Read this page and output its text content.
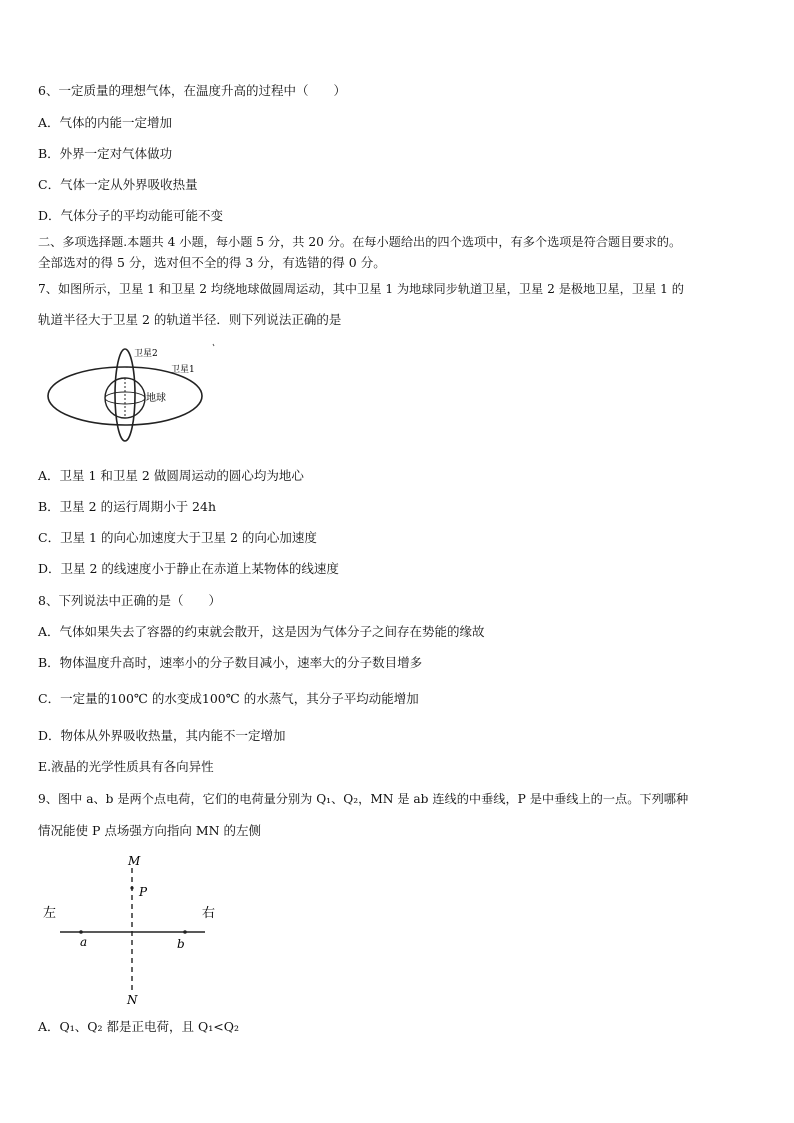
6、一定质量的理想气体，在温度升高的过程中（　　）
A．气体的内能一定增加
B．外界一定对气体做功
C．气体一定从外界吸收热量
D．气体分子的平均动能可能不变
二、多项选择题.本题共 4 小题，每小题 5 分，共 20 分。在每小题给出的四个选项中，有多个选项是符合题目要求的。
全部选对的得 5 分，选对但不全的得 3 分，有选错的得 0 分。
7、如图所示，卫星 1 和卫星 2 均绕地球做圆周运动，其中卫星 1 为地球同步轨道卫星，卫星 2 是极地卫星，卫星 1 的
轨道半径大于卫星 2 的轨道半径．则下列说法正确的是
卫星2
卫星1
地球
A．卫星 1 和卫星 2 做圆周运动的圆心均为地心
B．卫星 2 的运行周期小于 24h
C．卫星 1 的向心加速度大于卫星 2 的向心加速度
D．卫星 2 的线速度小于静止在赤道上某物体的线速度
8、下列说法中正确的是（　　）
A．气体如果失去了容器的约束就会散开，这是因为气体分子之间存在势能的缘故
B．物体温度升高时，速率小的分子数目减小，速率大的分子数目增多
C．一定量的100℃ 的水变成100℃ 的水蒸气，其分子平均动能增加
D．物体从外界吸收热量，其内能不一定增加
E.液晶的光学性质具有各向异性
9、图中 a、b 是两个点电荷，它们的电荷量分别为 Q₁、Q₂，MN 是 ab 连线的中垂线，P 是中垂线上的一点。下列哪种
情况能使 P 点场强方向指向 MN 的左侧
M
P
左	右
a	b
N
A．Q₁、Q₂ 都是正电荷，且 Q₁<Q₂
